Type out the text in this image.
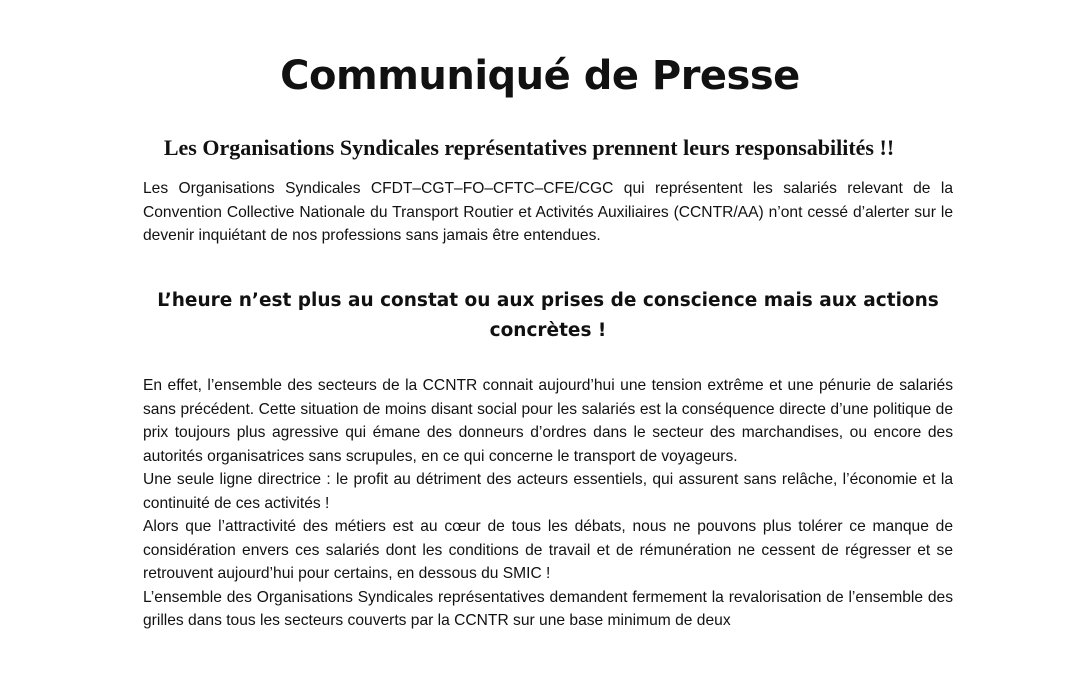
Communiqué de Presse
Les Organisations Syndicales représentatives prennent leurs responsabilités !!

Les Organisations Syndicales CFDT–CGT–FO–CFTC–CFE/CGC qui représentent les salariés relevant de la Convention Collective Nationale du Transport Routier et Activités Auxiliaires (CCNTR/AA) n’ont cessé d’alerter sur le devenir inquiétant de nos professions sans jamais être entendues.

L’heure n’est plus au constat ou aux prises de conscience mais aux actions concrètes !

En effet, l’ensemble des secteurs de la CCNTR connait aujourd’hui une tension extrême et une pénurie de salariés sans précédent. Cette situation de moins disant social pour les salariés est la conséquence directe d’une politique de prix toujours plus agressive qui émane des donneurs d’ordres dans le secteur des marchandises, ou encore des autorités organisatrices sans scrupules, en ce qui concerne le transport de voyageurs.

Une seule ligne directrice : le profit au détriment des acteurs essentiels, qui assurent sans relâche, l’économie et la continuité de ces activités !

Alors que l’attractivité des métiers est au cœur de tous les débats, nous ne pouvons plus tolérer ce manque de considération envers ces salariés dont les conditions de travail et de rémunération ne cessent de régresser et se retrouvent aujourd’hui pour certains, en dessous du SMIC !

L’ensemble des Organisations Syndicales représentatives demandent fermement la revalorisation de l’ensemble des grilles dans tous les secteurs couverts par la CCNTR sur une base minimum de deux
